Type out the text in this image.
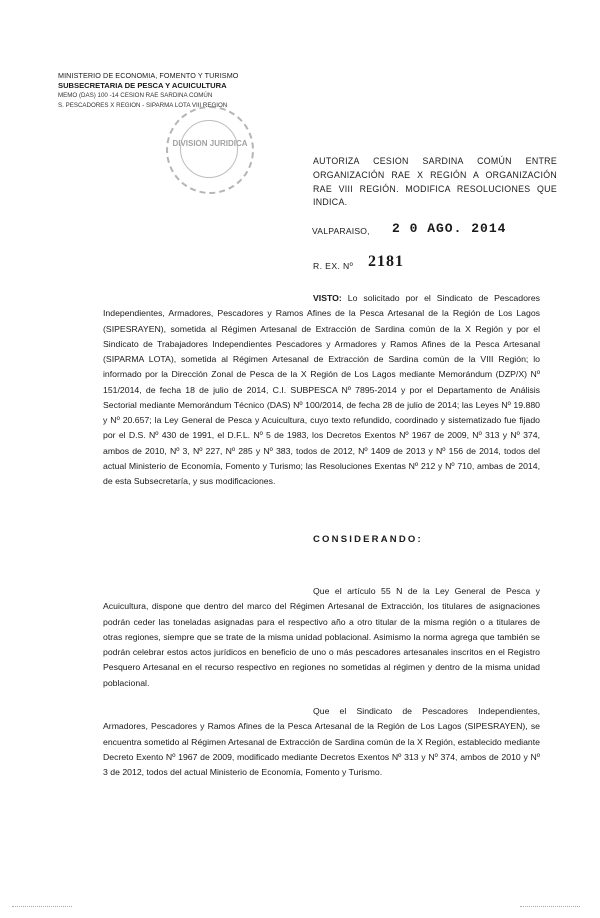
MINISTERIO DE ECONOMIA, FOMENTO Y TURISMO
SUBSECRETARIA DE PESCA Y ACUICULTURA
MEMO (DAS) 100 -14 CESION RAE SARDINA COMÚN
S. PESCADORES X REGION - SIPARMA LOTA VIII REGION
DIVISION JURIDICA
AUTORIZA CESION SARDINA COMÚN ENTRE ORGANIZACIÓN RAE X REGIÓN A ORGANIZACIÓN RAE VIII REGIÓN. MODIFICA RESOLUCIONES QUE INDICA.
VALPARAISO, 2 0 AGO. 2014
R. EX. Nº 2181
VISTO: Lo solicitado por el Sindicato de Pescadores Independientes, Armadores, Pescadores y Ramos Afines de la Pesca Artesanal de la Región de Los Lagos (SIPESRAYEN), sometida al Régimen Artesanal de Extracción de Sardina común de la X Región y por el Sindicato de Trabajadores Independientes Pescadores y Armadores y Ramos Afines de la Pesca Artesanal (SIPARMA LOTA), sometida al Régimen Artesanal de Extracción de Sardina común de la VIII Región; lo informado por la Dirección Zonal de Pesca de la X Región de Los Lagos mediante Memorándum (DZP/X) Nº 151/2014, de fecha 18 de julio de 2014, C.I. SUBPESCA Nº 7895-2014 y por el Departamento de Análisis Sectorial mediante Memorándum Técnico (DAS) Nº 100/2014, de fecha 28 de julio de 2014; las Leyes Nº 19.880 y Nº 20.657; la Ley General de Pesca y Acuicultura, cuyo texto refundido, coordinado y sistematizado fue fijado por el D.S. Nº 430 de 1991, el D.F.L. Nº 5 de 1983, los Decretos Exentos Nº 1967 de 2009, Nº 313 y Nº 374, ambos de 2010, Nº 3, Nº 227, Nº 285 y Nº 383, todos de 2012, Nº 1409 de 2013 y Nº 156 de 2014, todos del actual Ministerio de Economía, Fomento y Turismo; las Resoluciones Exentas Nº 212 y Nº 710, ambas de 2014, de esta Subsecretaría, y sus modificaciones.
CONSIDERANDO:
Que el artículo 55 N de la Ley General de Pesca y Acuicultura, dispone que dentro del marco del Régimen Artesanal de Extracción, los titulares de asignaciones podrán ceder las toneladas asignadas para el respectivo año a otro titular de la misma región o a titulares de otras regiones, siempre que se trate de la misma unidad poblacional. Asimismo la norma agrega que también se podrán celebrar estos actos jurídicos en beneficio de uno o más pescadores artesanales inscritos en el Registro Pesquero Artesanal en el recurso respectivo en regiones no sometidas al régimen y dentro de la misma unidad poblacional.
Que el Sindicato de Pescadores Independientes, Armadores, Pescadores y Ramos Afines de la Pesca Artesanal de la Región de Los Lagos (SIPESRAYEN), se encuentra sometido al Régimen Artesanal de Extracción de Sardina común de la X Región, establecido mediante Decreto Exento Nº 1967 de 2009, modificado mediante Decretos Exentos Nº 313 y Nº 374, ambos de 2010 y Nº 3 de 2012, todos del actual Ministerio de Economía, Fomento y Turismo.
